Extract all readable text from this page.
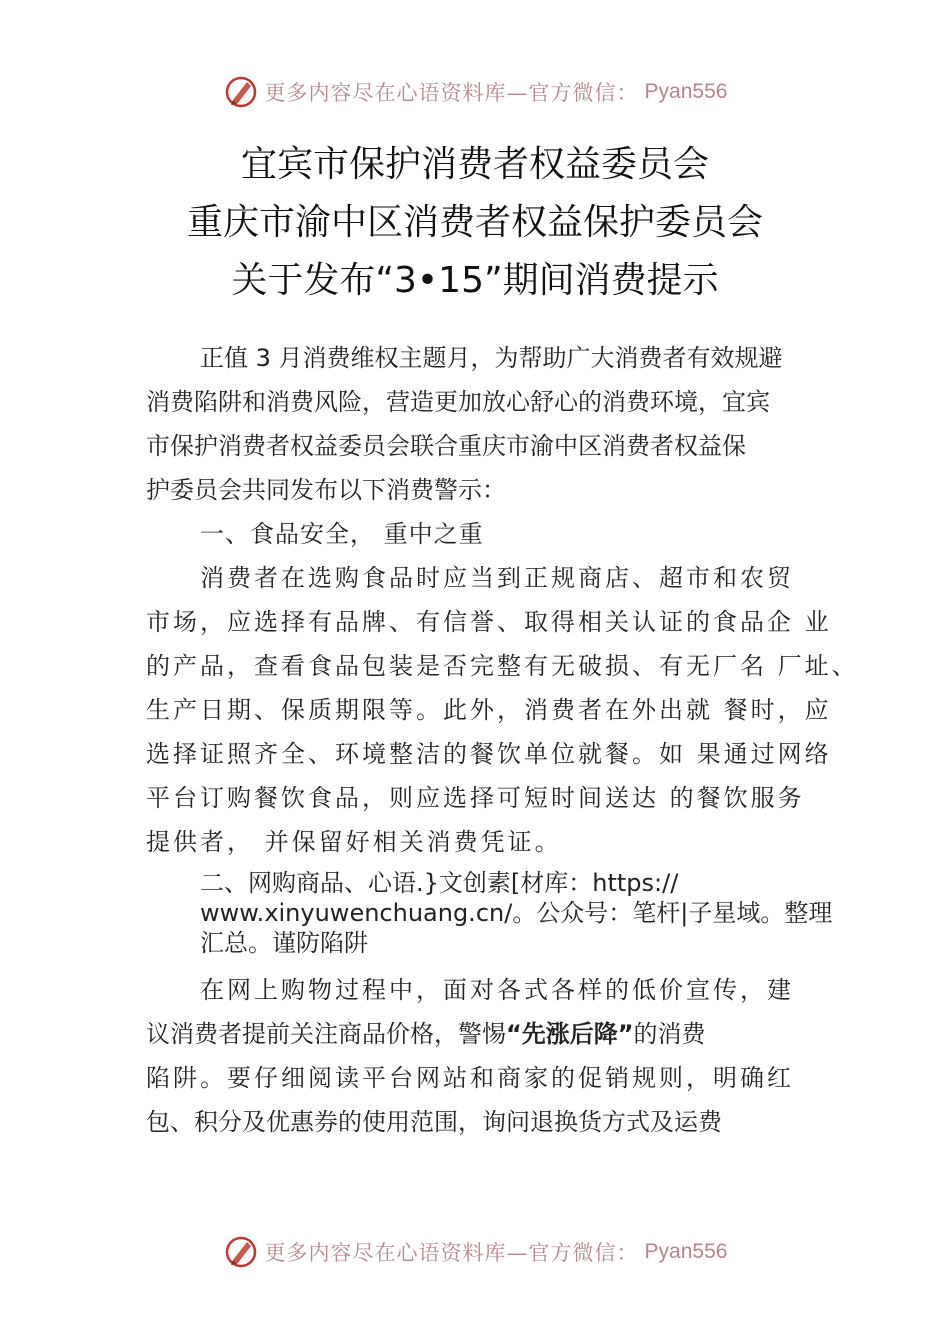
更多内容尽在心语资料库—官方微信： Pyan556
宜宾市保护消费者权益委员会
重庆市渝中区消费者权益保护委员会
关于发布“3•15”期间消费提示
正值 3 月消费维权主题月，为帮助广大消费者有效规避
消费陷阱和消费风险，营造更加放心舒心的消费环境，宜宾
市保护消费者权益委员会联合重庆市渝中区消费者权益保
护委员会共同发布以下消费警示：
一、食品安全， 重中之重
消费者在选购食品时应当到正规商店、超市和农贸
市场，应选择有品牌、有信誉、取得相关认证的食品企 业
的产品，查看食品包装是否完整有无破损、有无厂名 厂址、
生产日期、保质期限等。此外，消费者在外出就 餐时，应
选择证照齐全、环境整洁的餐饮单位就餐。如 果通过网络
平台订购餐饮食品，则应选择可短时间送达 的餐饮服务
提供者， 并保留好相关消费凭证。
二、网购商品、心语.}文创素[材库：https://
www.xinyuwenchuang.cn/。公众号：笔杆|子星域。整理
汇总。谨防陷阱
在网上购物过程中，面对各式各样的低价宣传，建
议消费者提前关注商品价格，警惕“先涨后降”的消费
陷阱。要仔细阅读平台网站和商家的促销规则，明确红
包、积分及优惠券的使用范围，询问退换货方式及运费
更多内容尽在心语资料库—官方微信： Pyan556
